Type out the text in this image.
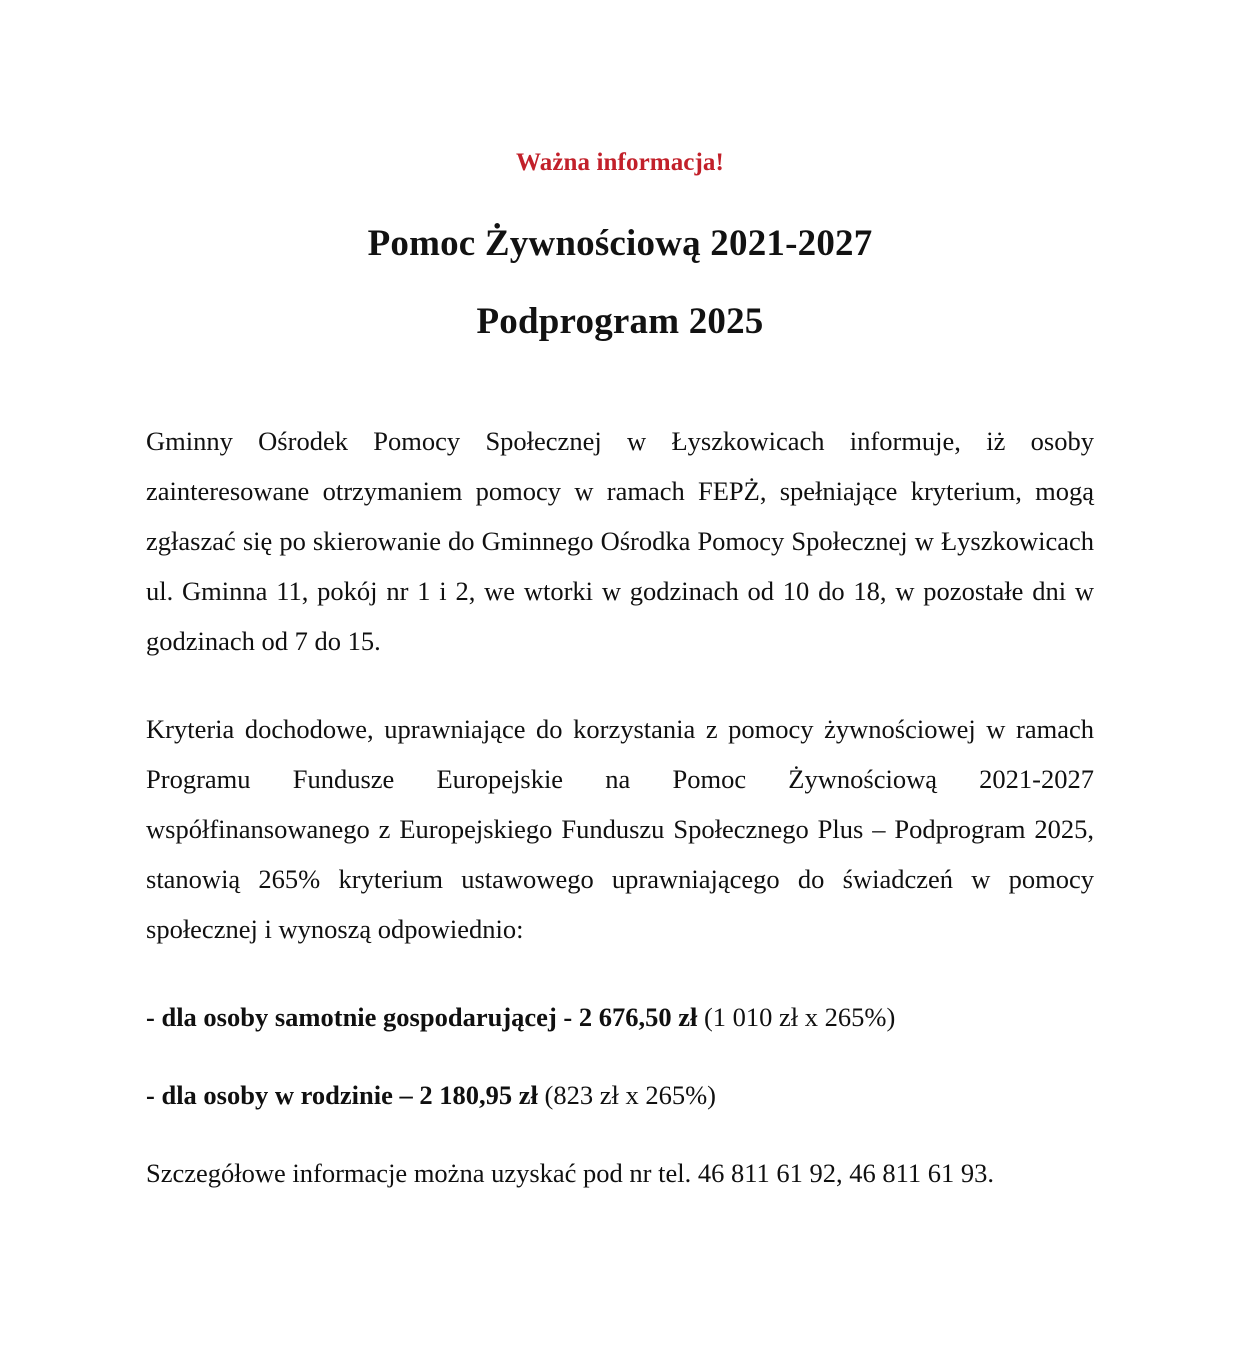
Ważna informacja!

Pomoc Żywnościową 2021-2027
Podprogram 2025

Gminny Ośrodek Pomocy Społecznej w Łyszkowicach informuje, iż osoby zainteresowane otrzymaniem pomocy w ramach FEPŻ, spełniające kryterium, mogą zgłaszać się po skierowanie do Gminnego Ośrodka Pomocy Społecznej w Łyszkowicach ul. Gminna 11, pokój nr 1 i 2, we wtorki w godzinach od 10 do 18, w pozostałe dni w godzinach od 7 do 15.

Kryteria dochodowe, uprawniające do korzystania z pomocy żywnościowej w ramach Programu Fundusze Europejskie na Pomoc Żywnościową 2021-2027 współfinansowanego z Europejskiego Funduszu Społecznego Plus – Podprogram 2025, stanowią 265% kryterium ustawowego uprawniającego do świadczeń w pomocy społecznej i wynoszą odpowiednio:

- dla osoby samotnie gospodarującej - 2 676,50 zł (1 010 zł x 265%)

- dla osoby w rodzinie – 2 180,95 zł (823 zł x 265%)

Szczegółowe informacje można uzyskać pod nr tel. 46 811 61 92, 46 811 61 93.
